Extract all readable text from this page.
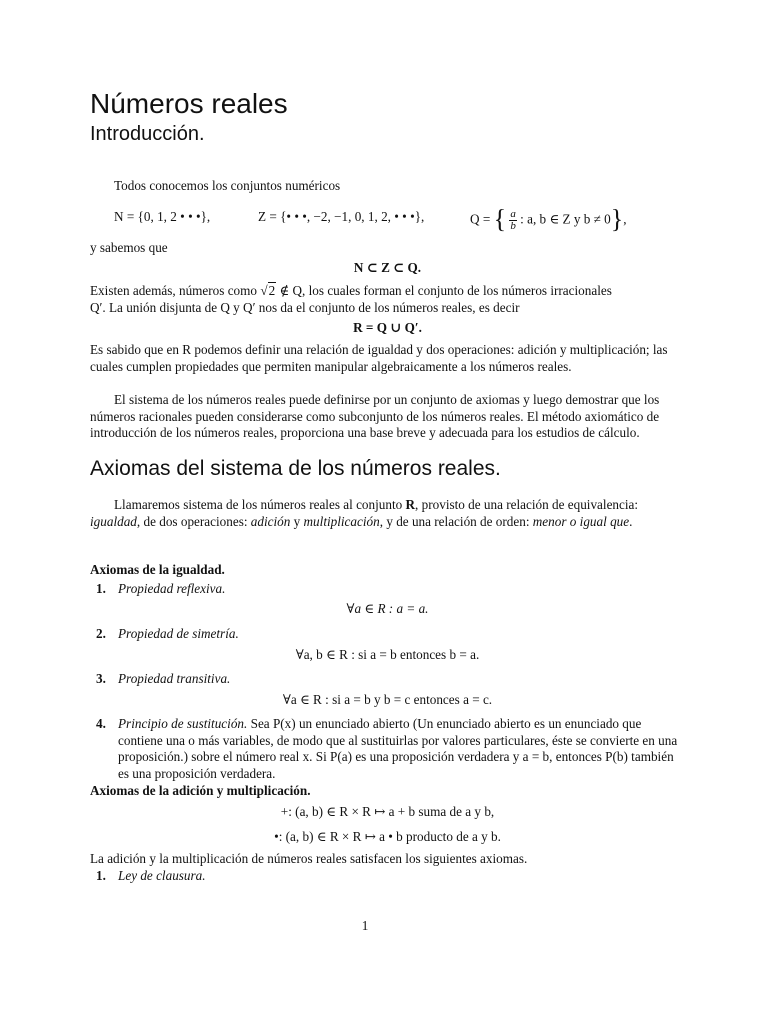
Números reales
Introducción.
Todos conocemos los conjuntos numéricos
N = {0, 1, 2 • • •},	Z = {• • •, −2, −1, 0, 1, 2, • • •},	Q = { $\frac{a}{b}$ : a, b ∈ Z y b ≠ 0},
y sabemos que
N ⊂ Z ⊂ Q.
Existen además, números como √2 ∉ Q, los cuales forman el conjunto de los números irracionales
Q′. La unión disjunta de Q y Q′ nos da el conjunto de los números reales, es decir
R = Q ∪ Q′.

Es sabido que en R podemos definir una relación de igualdad y dos operaciones: adición y multiplicación; las cuales cumplen propiedades que permiten manipular algebraicamente a los números reales.

El sistema de los números reales puede definirse por un conjunto de axiomas y luego demostrar que los números racionales pueden considerarse como subconjunto de los números reales. El método axiomático de introducción de los números reales, proporciona una base breve y adecuada para los estudios de cálculo.

Axiomas del sistema de los números reales.

Llamaremos sistema de los números reales al conjunto R, provisto de una relación de equivalencia: igualdad, de dos operaciones: adición y multiplicación, y de una relación de orden: menor o igual que.

Axiomas de la igualdad.
1. Propiedad reflexiva.
∀a ∈ R : a = a.
2. Propiedad de simetría.
∀a, b ∈ R : si a = b entonces b = a.
3. Propiedad transitiva.
∀a ∈ R : si a = b y b = c entonces a = c.
4. Principio de sustitución. Sea P(x) un enunciado abierto (Un enunciado abierto es un enunciado que contiene una o más variables, de modo que al sustituirlas por valores particulares, éste se convierte en una proposición.) sobre el número real x. Si P(a) es una proposición verdadera y a = b, entonces P(b) también es una proposición verdadera.
Axiomas de la adición y multiplicación.
+: (a, b) ∈ R × R ↦ a + b suma de a y b,
•: (a, b) ∈ R × R ↦ a • b producto de a y b.
La adición y la multiplicación de números reales satisfacen los siguientes axiomas.
1. Ley de clausura.
1
